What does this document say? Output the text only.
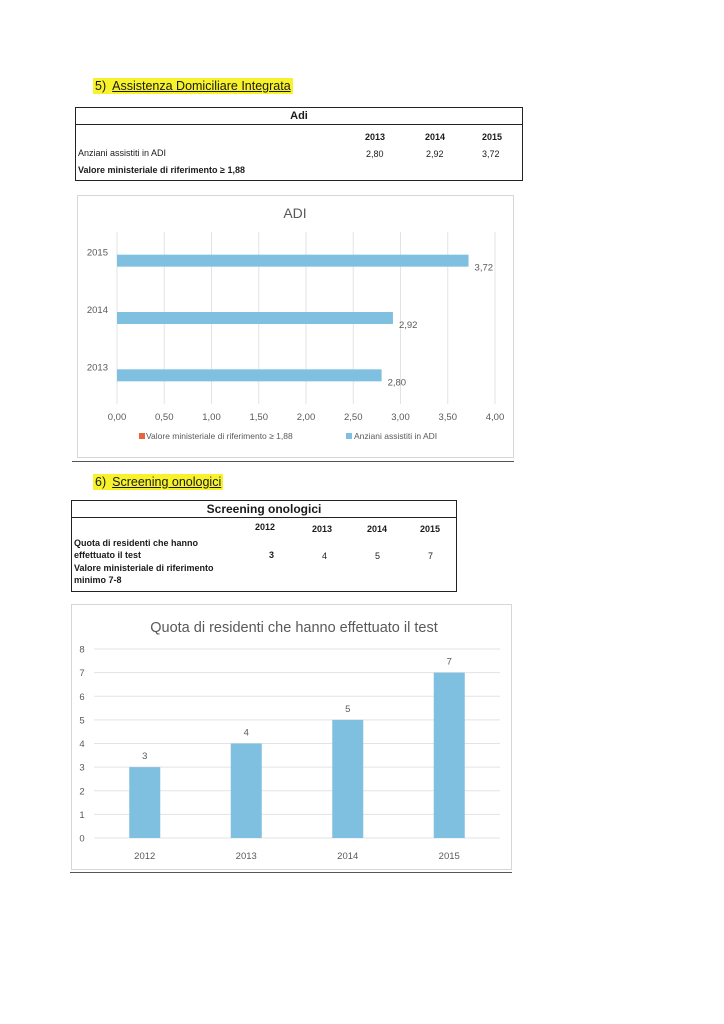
5) Assistenza Domiciliare Integrata
Adi
2013	2014	2015
Anziani assistiti in ADI	2,80	2,92	3,72
Valore ministeriale di riferimento ≥ 1,88
ADI
0,00	0,50	1,00	1,50	2,00	2,50	3,00	3,50	4,00
2013
2,80
2014
2,92
2015
3,72
Valore ministeriale di riferimento ≥ 1,88	Anziani assistiti in ADI
6) Screening onologici
Screening onologici
2012	2013	2014	2015
Quota di residenti che hanno
effettuato il test	3	4	5	7
Valore ministeriale di riferimento
minimo 7-8
Quota di residenti che hanno effettuato il test
0
1
2
3
4
5
6
7
8
3
2012
4
2013
5
2014
7
2015
